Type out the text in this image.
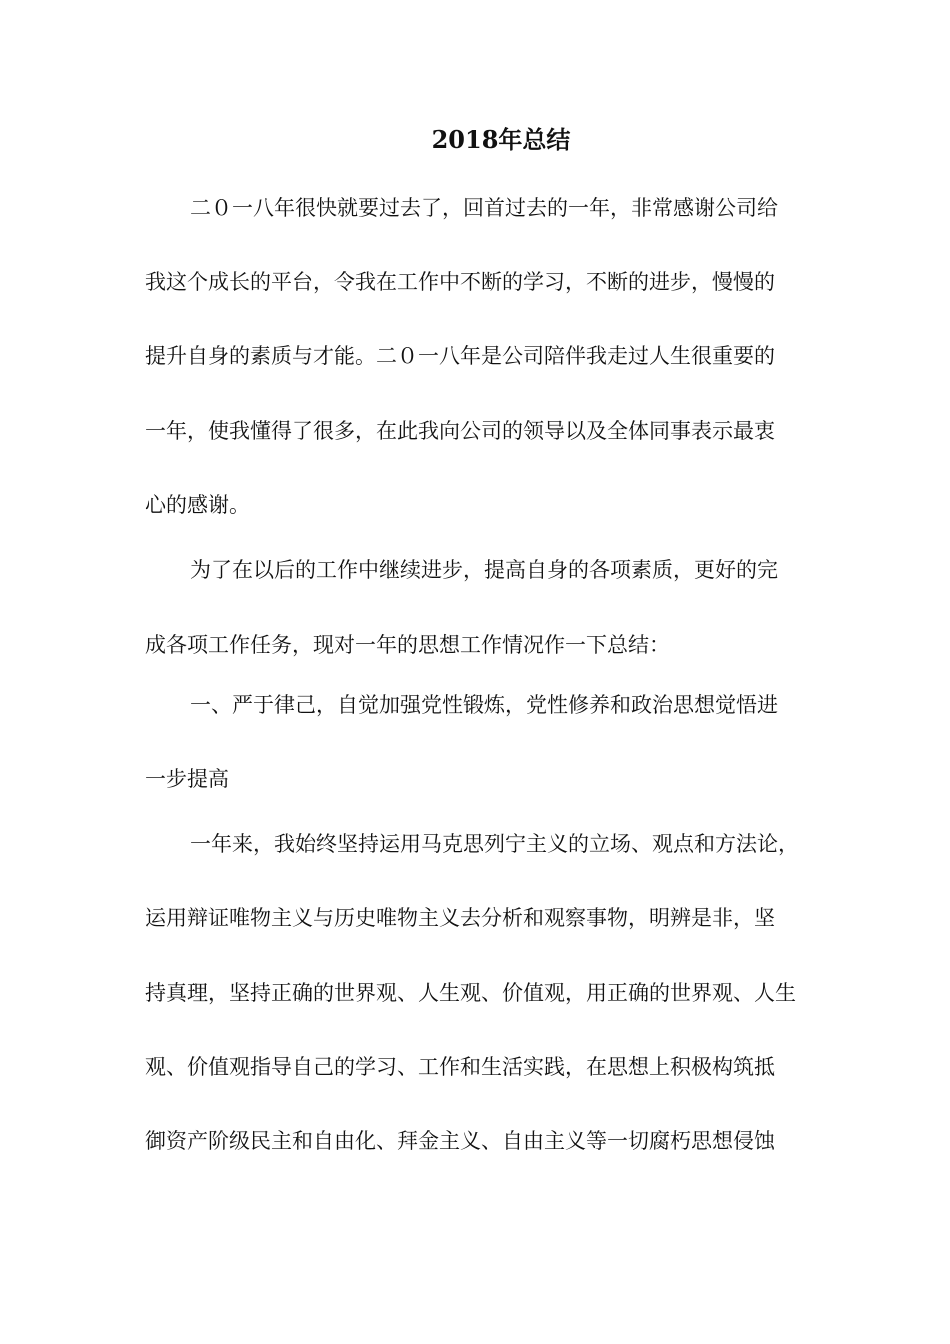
2018年总结
二０一八年很快就要过去了，回首过去的一年，非常感谢公司给
我这个成长的平台，令我在工作中不断的学习，不断的进步，慢慢的
提升自身的素质与才能。二０一八年是公司陪伴我走过人生很重要的
一年，使我懂得了很多，在此我向公司的领导以及全体同事表示最衷
心的感谢。
为了在以后的工作中继续进步，提高自身的各项素质，更好的完
成各项工作任务，现对一年的思想工作情况作一下总结：
一、严于律己，自觉加强党性锻炼，党性修养和政治思想觉悟进
一步提高
一年来，我始终坚持运用马克思列宁主义的立场、观点和方法论，
运用辩证唯物主义与历史唯物主义去分析和观察事物，明辨是非，坚
持真理，坚持正确的世界观、人生观、价值观，用正确的世界观、人生
观、价值观指导自己的学习、工作和生活实践，在思想上积极构筑抵
御资产阶级民主和自由化、拜金主义、自由主义等一切腐朽思想侵蚀
